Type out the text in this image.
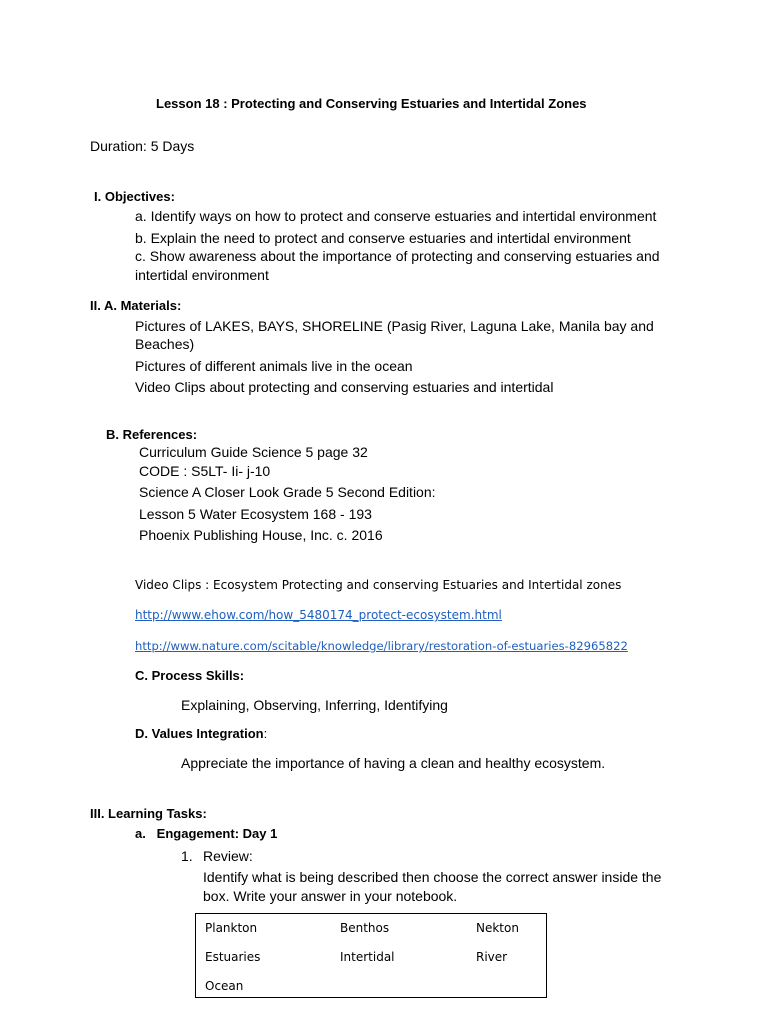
Lesson 18 : Protecting and Conserving Estuaries and Intertidal Zones
Duration: 5 Days
I. Objectives:
a. Identify ways on how to protect and conserve estuaries and intertidal environment
b. Explain the need to protect and conserve estuaries and intertidal environment
c. Show awareness about the importance of protecting and conserving estuaries and
intertidal environment
II. A. Materials:
Pictures of LAKES, BAYS, SHORELINE (Pasig River, Laguna Lake, Manila bay and
Beaches)
Pictures of different animals live in the ocean
Video Clips about protecting and conserving estuaries and intertidal
B. References:
Curriculum Guide Science 5 page 32
CODE : S5LT- Ii- j-10
Science A Closer Look Grade 5 Second Edition:
Lesson 5 Water Ecosystem 168 - 193
Phoenix Publishing House, Inc. c. 2016
Video Clips : Ecosystem Protecting and conserving Estuaries and Intertidal zones
http://www.ehow.com/how_5480174_protect-ecosystem.html
http://www.nature.com/scitable/knowledge/library/restoration-of-estuaries-82965822
C. Process Skills:
Explaining, Observing, Inferring, Identifying
D. Values Integration:
Appreciate the importance of having a clean and healthy ecosystem.
III. Learning Tasks:
a.   Engagement: Day 1
1. Review:
Identify what is being described then choose the correct answer inside the
box. Write your answer in your notebook.
Plankton	Benthos	Nekton
Estuaries	Intertidal	River
Ocean
